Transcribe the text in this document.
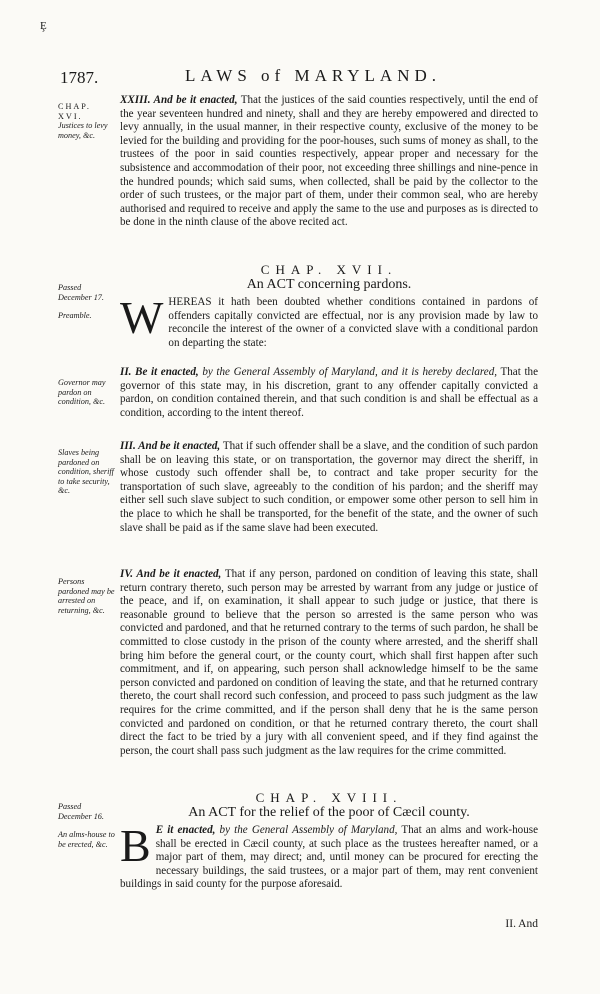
Ȩ
1787.	LAWS of MARYLAND.
CHAP. XVI.
Justices to levy money, &c.
Passed December 17.
Preamble.
Governor may pardon on condition, &c.
Slaves being pardoned on condition, sheriff to take security, &c.
Persons pardoned may be arrested on returning, &c.
Passed December 16.
An alms-house to be erected, &c.

XXIII. And be it enacted, That the justices of the said counties respectively, until the end of the year seventeen hundred and ninety, shall and they are hereby empowered and directed to levy annually, in the usual manner, in their respective county, exclusive of the money to be levied for the building and providing for the poor-houses, such sums of money as shall, to the trustees of the poor in said counties respectively, appear proper and necessary for the subsistence and accommodation of their poor, not exceeding three shillings and nine-pence in the hundred pounds; which said sums, when collected, shall be paid by the collector to the order of such trustees, or the major part of them, under their common seal, who are hereby authorised and required to receive and apply the same to the use and purposes as is directed to be done in the ninth clause of the above recited act.

CHAP. XVII.
An ACT concerning pardons.

WHEREAS it hath been doubted whether conditions contained in pardons of offenders capitally convicted are effectual, nor is any provision made by law to reconcile the interest of the owner of a convicted slave with a conditional pardon on departing the state:

II. Be it enacted, by the General Assembly of Maryland, and it is hereby declared, That the governor of this state may, in his discretion, grant to any offender capitally convicted a pardon, on condition contained therein, and that such condition is and shall be effectual as a condition, according to the intent thereof.

III. And be it enacted, That if such offender shall be a slave, and the condition of such pardon shall be on leaving this state, or on transportation, the governor may direct the sheriff, in whose custody such offender shall be, to contract and take proper security for the transportation of such slave, agreeably to the condition of his pardon; and the sheriff may either sell such slave subject to such condition, or empower some other person to sell him in the place to which he shall be transported, for the benefit of the state, and the owner of such slave shall be paid as if the same slave had been executed.

IV. And be it enacted, That if any person, pardoned on condition of leaving this state, shall return contrary thereto, such person may be arrested by warrant from any judge or justice of the peace, and if, on examination, it shall appear to such judge or justice, that there is reasonable ground to believe that the person so arrested is the same person who was convicted and pardoned, and that he returned contrary to the terms of such pardon, he shall be committed to close custody in the prison of the county where arrested, and the sheriff shall bring him before the general court, or the county court, which shall first happen after such commitment, and if, on appearing, such person shall acknowledge himself to be the same person convicted and pardoned on condition of leaving the state, and that he returned contrary thereto, the court shall record such confession, and proceed to pass such judgment as the law requires for the crime committed, and if the person shall deny that he is the same person convicted and pardoned on condition, or that he returned contrary thereto, the court shall direct the fact to be tried by a jury with all convenient speed, and if they find against the person, the court shall pass such judgment as the law requires for the crime committed.

CHAP. XVIII.
An ACT for the relief of the poor of Cæcil county.

B E it enacted, by the General Assembly of Maryland, That an alms and work-house shall be erected in Cæcil county, at such place as the trustees hereafter named, or a major part of them, may direct; and, until money can be procured for erecting the necessary buildings, the said trustees, or a major part of them, may rent convenient buildings in said county for the purpose aforesaid.

II. And
